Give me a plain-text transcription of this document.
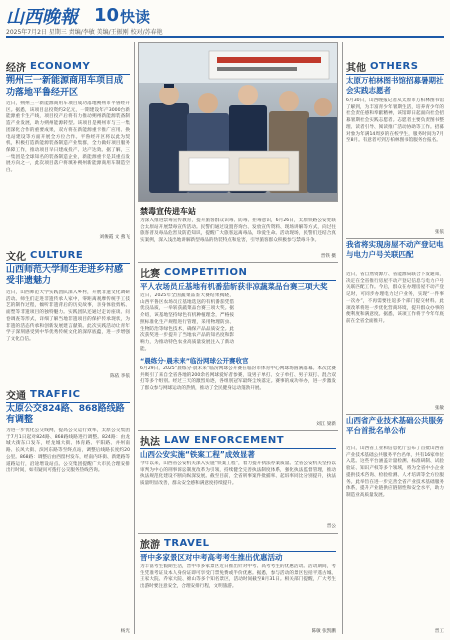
山西晚報 10 快读
2025年7月2日 星期三 责编/李敏 美编/王振刚 校对/苏春艳
经济 ECONOMY
朔州三一新能源商用车项目成功落地平鲁经开区
近日，朔州三一新能源商用车项目成功落地朔州市平鲁经开区。据悉，该项目总投资约2亿元，一期建设年产3000台新能源重卡生产线，项目投产后将有力推动朔州新能源装备制造产业发展，助力朔州能源转型。该项目是朔州市与三一集团深化合作的重要成果，双方将在新能源重卡推广应用、换电站建设等方面开展全方位合作。平鲁经开区将以此为契机，积极打造新能源装备制造产业集群，全力做好项目服务保障工作，推动项目早日建成投产、达产达效。据了解，三一集团是全球知名的装备制造企业，新能源重卡是其重点发展方向之一，此次项目落户将填补朔州新能源商用车制造空白。
刘俊霞 文 燕飞
文化 CULTURE
山西师范大学师生走进乡村感受非遗魅力
近日，山西师范大学实践团队深入乡村，开展非遗文化调研活动。师生们走进非遗传承人家中，零距离观摩传统手工技艺的制作过程，倾听非遗背后的历史故事，亲身体验剪纸、面塑等非遗项目的独特魅力。实践团队还通过走访座谈、问卷调查等形式，详细了解当地非遗项目的保护传承现状，为非遗的活态传承和创新发展建言献策。此次实践活动让青年学子深刻感受到中华优秀传统文化的深厚底蕴，进一步增强了文化自信。
陈依 李依
交通 TRAFFIC
太原公交824路、868路线路有调整
为进一步优化公交线网，提高公交运行效率，太原公交集团于7月1日起对824路、868路线路进行调整。824路：由龙城大街东口发车，经龙城大街、体育路、平阳路、并州南路、长风大街、滨河东路等至终点站，调整后线路长度约20公里。868路：调整后由西留村发车，经南内环街、新建路等道路运行，沿途增设站点。公交集团提醒广大市民合理安排出行时间，如有疑问可拨打公交服务热线咨询。
杨光
禁毒宣传进车站
为深入推进禁毒宣传教育，提升旅客群众识毒、防毒、拒毒意识，6月26日，太原铁路公安处联合太原站开展禁毒宣传活动。民警们通过设置咨询台、发放宣传资料、现场讲解等方式，向过往旅客普及毒品危害及防范知识，提醒广大旅客远离毒品，珍爱生命。活动现场，民警们还结合真实案例，深入浅出地讲解新型毒品的伪装特点和危害，引导旅客群众积极参与禁毒斗争。
晋铁 摄
比赛 COMPETITION
平人农场员丘基地有机番茄斩获非凉蔬菜品台赛三项大奖
近日，2025年全国蔬菜品鉴大赛结果揭晓，山西平鲁区农场员丘基地选送的有机番茄凭借优良品质，一举斩获蔬菜品台赛三项大奖。据介绍，该基地坚持绿色有机种植理念，严格按照标准化生产规程进行管理，采用物理防虫、生物防治等绿色技术，确保产品品质安全。此次获奖进一步提升了当地农产品的知名度和影响力，为推动特色农业高质量发展注入了新动能。
“晨练分·晨未来”临汾网球公开赛收官
6月29日，2025“晨练分·晨未来”临汾网球公开赛在临汾市体育中心网球场圆满落幕。本次比赛共吸引了来自全省各地的200余名网球爱好者参赛，设男子单打、女子单打、男子双打、混合双打等多个组别。经过三天的激烈角逐，各组别冠军最终尘埃落定。赛事的成功举办，进一步激发了群众参与网球运动的热情，推动了全民健身运动蓬勃开展。
刘江 梁新
执法 LAW ENFORCEMENT
山西公安实施“铁案工程”成效显著
今年以来，山西省公安机关深入实施“铁案工程”，着力提升执法办案质量。全省公安机关坚持以审判为中心的刑事诉讼制度改革为引领，持续健全完善执法制度体系，强化执法监督管理，推动执法规范化建设不断向纵深发展。截至目前，全省刑事案件批捕率、起诉率同比分别提升，执法质量明显改善，群众安全感和满意度持续提升。
晋公
旅游 TRAVEL
晋中多家景区对中考高考考生推出优惠活动
为丰富考生假期生活，晋中市多家景区近日推出针对中考、高考考生的优惠活动。活动期间，考生凭准考证及本人身份证即可享受门票免费或半价优惠。据悉，参与活动的景区包括平遥古城、王家大院、乔家大院、绵山等多个知名景区，活动时间截至8月31日。相关部门提醒，广大考生出游时要注意安全，合理安排行程，文明旅游。
陈敏 张凯鹏
其他 OTHERS
太原万柏林图书馆招募暑期社会实践志愿者
6月30日，山西晚报记者从太原市万柏林图书馆了解到，为丰富青少年暑期生活，培养青少年的社会责任感和奉献精神，该馆即日起面向社会招募暑期社会实践志愿者。志愿者主要负责图书整理、读者引导、阅读推广活动协助等工作。招募对象为年满14周岁的在校学生，服务时间为7月至8月。有意者可到万柏林图书馆服务台报名。
张依
我省将实现房屋不动产登记电与电力户号关联匹配
近日，省自然资源厅、省能源局联合下发通知，决定在全省推行房屋不动产登记信息与电力户号关联匹配工作。今后，群众在办理房屋不动产登记时，可同步办理电力过户业务，实现“一件事一次办”，不再需要往返多个部门提交材料。此项改革将进一步优化营商环境，提升群众办事的便利度和满意度。据悉，该项工作将于今年年底前在全省全面推开。
张敏
山西省产业技术基础公共服务平台首批名单公布
近日，山西省工业和信息化厅公布了首批山西省产业技术基础公共服务平台名单，共有16家单位入选。这些平台涵盖计量检测、标准研制、试验验证、知识产权等多个领域，将为全省中小企业提供技术咨询、检验检测、人才培训等全方位服务。此举旨在进一步完善全省产业技术基础服务体系，提升产业链供应链韧性和安全水平，助力制造业高质量发展。
晋工
